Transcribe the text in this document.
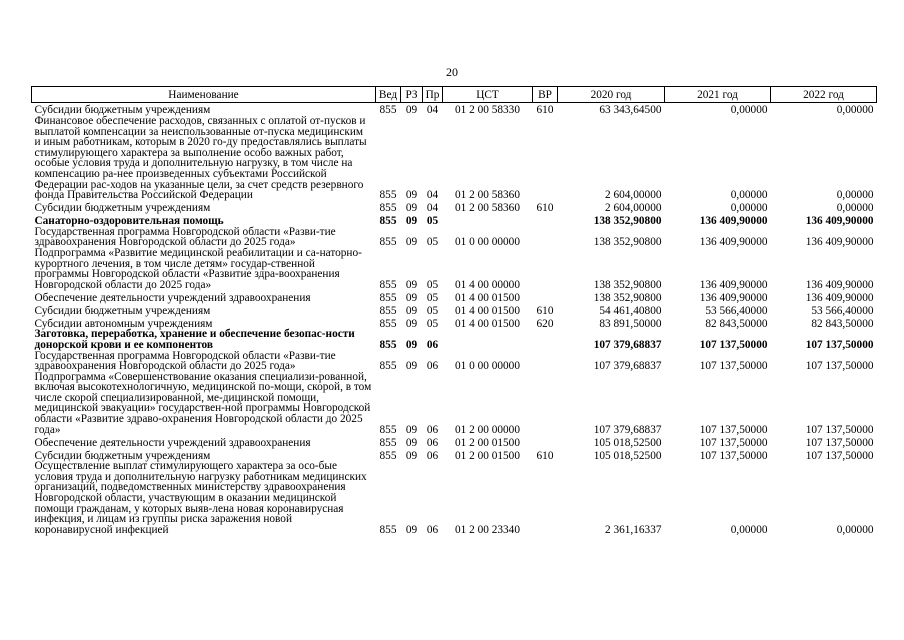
20
Наименование	Вед	РЗ	Пр	ЦСТ	ВР	2020 год	2021 год	2022 год
Субсидии бюджетным учреждениям	855	09	04	01 2 00 58330	610	63 343,64500	0,00000	0,00000
Финансовое обеспечение расходов, связанных с оплатой от-пусков и выплатой компенсации за неиспользованные от-пуска медицинским и иным работникам, которым в 2020 го-ду предоставлялись выплаты стимулирующего характера за выполнение особо важных работ, особые условия труда и дополнительную нагрузку, в том числе на компенсацию ра-нее произведенных субъектами Российской Федерации рас-ходов на указанные цели, за счет средств резервного фонда Правительства Российской Федерации	855	09	04	01 2 00 58360		2 604,00000	0,00000	0,00000
Субсидии бюджетным учреждениям	855	09	04	01 2 00 58360	610	2 604,00000	0,00000	0,00000
Санаторно-оздоровительная помощь	855	09	05			138 352,90800	136 409,90000	136 409,90000
Государственная программа Новгородской области «Разви-тие здравоохранения Новгородской области до 2025 года»	855	09	05	01 0 00 00000		138 352,90800	136 409,90000	136 409,90000
Подпрограмма «Развитие медицинской реабилитации и са-наторно-курортного лечения, в том числе детям» государ-ственной программы Новгородской области «Развитие здра-воохранения Новгородской области до 2025 года»	855	09	05	01 4 00 00000		138 352,90800	136 409,90000	136 409,90000
Обеспечение деятельности учреждений здравоохранения	855	09	05	01 4 00 01500		138 352,90800	136 409,90000	136 409,90000
Субсидии бюджетным учреждениям	855	09	05	01 4 00 01500	610	54 461,40800	53 566,40000	53 566,40000
Субсидии автономным учреждениям	855	09	05	01 4 00 01500	620	83 891,50000	82 843,50000	82 843,50000
Заготовка, переработка, хранение и обеспечение безопас-ности донорской крови и ее компонентов	855	09	06			107 379,68837	107 137,50000	107 137,50000
Государственная программа Новгородской области «Разви-тие здравоохранения Новгородской области до 2025 года»	855	09	06	01 0 00 00000		107 379,68837	107 137,50000	107 137,50000
Подпрограмма «Совершенствование оказания специализи-рованной, включая высокотехнологичную, медицинской по-мощи, скорой, в том числе скорой специализированной, ме-дицинской помощи, медицинской эвакуации» государствен-ной программы Новгородской области «Развитие здраво-охранения Новгородской области до 2025 года»	855	09	06	01 2 00 00000		107 379,68837	107 137,50000	107 137,50000
Обеспечение деятельности учреждений здравоохранения	855	09	06	01 2 00 01500		105 018,52500	107 137,50000	107 137,50000
Субсидии бюджетным учреждениям	855	09	06	01 2 00 01500	610	105 018,52500	107 137,50000	107 137,50000
Осуществление выплат стимулирующего характера за осо-бые условия труда и дополнительную нагрузку работникам медицинских организаций, подведомственных министерству здравоохранения Новгородской области, участвующим в оказании медицинской помощи гражданам, у которых выяв-лена новая коронавирусная инфекция, и лицам из группы риска заражения новой коронавирусной инфекцией	855	09	06	01 2 00 23340		2 361,16337	0,00000	0,00000
